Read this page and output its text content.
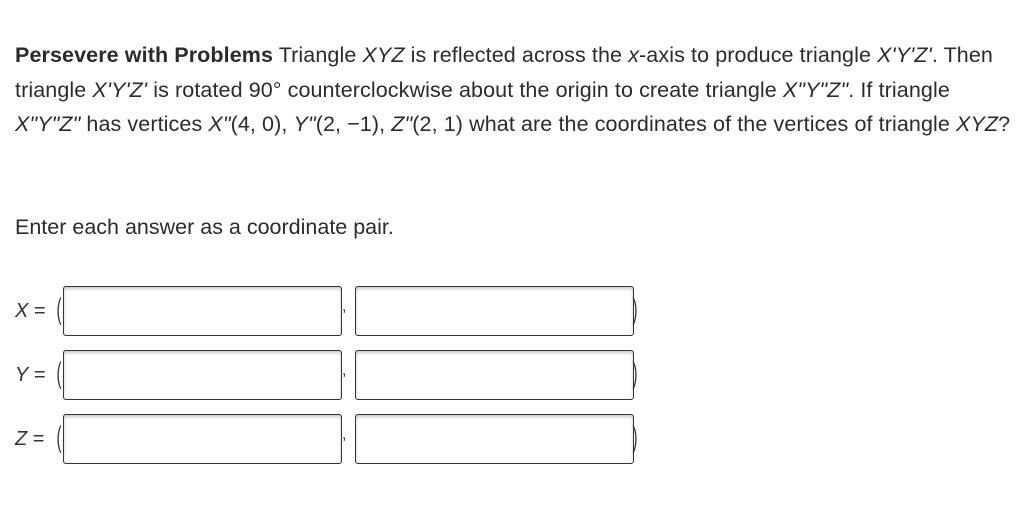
Persevere with Problems Triangle XYZ is reflected across the x-axis to produce triangle X'Y'Z'. Then triangle X'Y'Z' is rotated 90° counterclockwise about the origin to create triangle X"Y"Z". If triangle X"Y"Z" has vertices X"(4, 0), Y"(2, −1), Z"(2, 1) what are the coordinates of the vertices of triangle XYZ?
Enter each answer as a coordinate pair.
X = (	,	)
Y = (	,	)
Z = (	,	)
